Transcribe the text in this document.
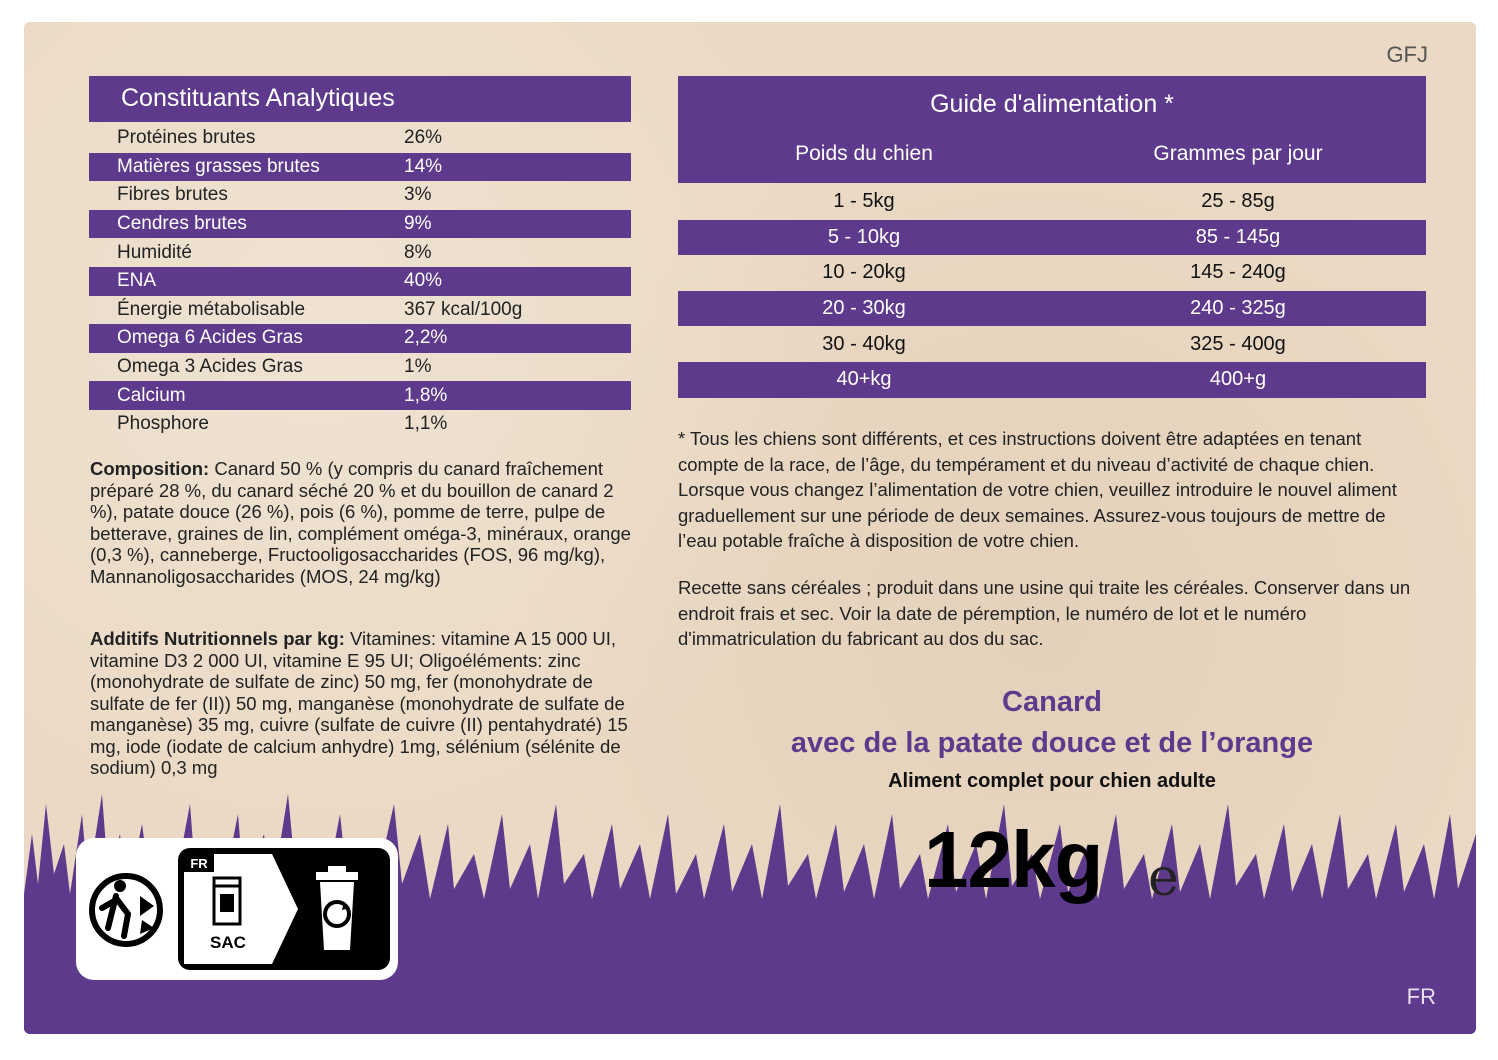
GFJ
Constituants Analytiques
Protéines brutes	26%
Matières grasses brutes	14%
Fibres brutes	3%
Cendres brutes	9%
Humidité	8%
ENA	40%
Énergie métabolisable	367 kcal/100g
Omega 6 Acides Gras	2,2%
Omega 3 Acides Gras	1%
Calcium	1,8%
Phosphore	1,1%
Composition: Canard 50 % (y compris du canard fraîchement préparé 28 %, du canard séché 20 % et du bouillon de canard 2 %), patate douce (26 %), pois (6 %), pomme de terre, pulpe de betterave, graines de lin, complément oméga-3, minéraux, orange (0,3 %), canneberge, Fructooligosaccharides (FOS, 96 mg/kg), Mannanoligosaccharides (MOS, 24 mg/kg)
Additifs Nutritionnels par kg: Vitamines: vitamine A 15 000 UI, vitamine D3 2 000 UI, vitamine E 95 UI; Oligoéléments: zinc (monohydrate de sulfate de zinc) 50 mg, fer (monohydrate de sulfate de fer (II)) 50 mg, manganèse (monohydrate de sulfate de manganèse) 35 mg, cuivre (sulfate de cuivre (II) pentahydraté) 15 mg, iode (iodate de calcium anhydre) 1mg, sélénium (sélénite de sodium) 0,3 mg
Guide d'alimentation *
Poids du chien	Grammes par jour
1 - 5kg	25 - 85g
5 - 10kg	85 - 145g
10 - 20kg	145 - 240g
20 - 30kg	240 - 325g
30 - 40kg	325 - 400g
40+kg	400+g
* Tous les chiens sont différents, et ces instructions doivent être adaptées en tenant compte de la race, de l’âge, du tempérament et du niveau d’activité de chaque chien. Lorsque vous changez l’alimentation de votre chien, veuillez introduire le nouvel aliment graduellement sur une période de deux semaines. Assurez-vous toujours de mettre de l’eau potable fraîche à disposition de votre chien.
Recette sans céréales ; produit dans une usine qui traite les céréales. Conserver dans un endroit frais et sec. Voir la date de péremption, le numéro de lot et le numéro d'immatriculation du fabricant au dos du sac.
Canard
avec de la patate douce et de l’orange
Aliment complet pour chien adulte
12kg e
FR
FR
SAC
